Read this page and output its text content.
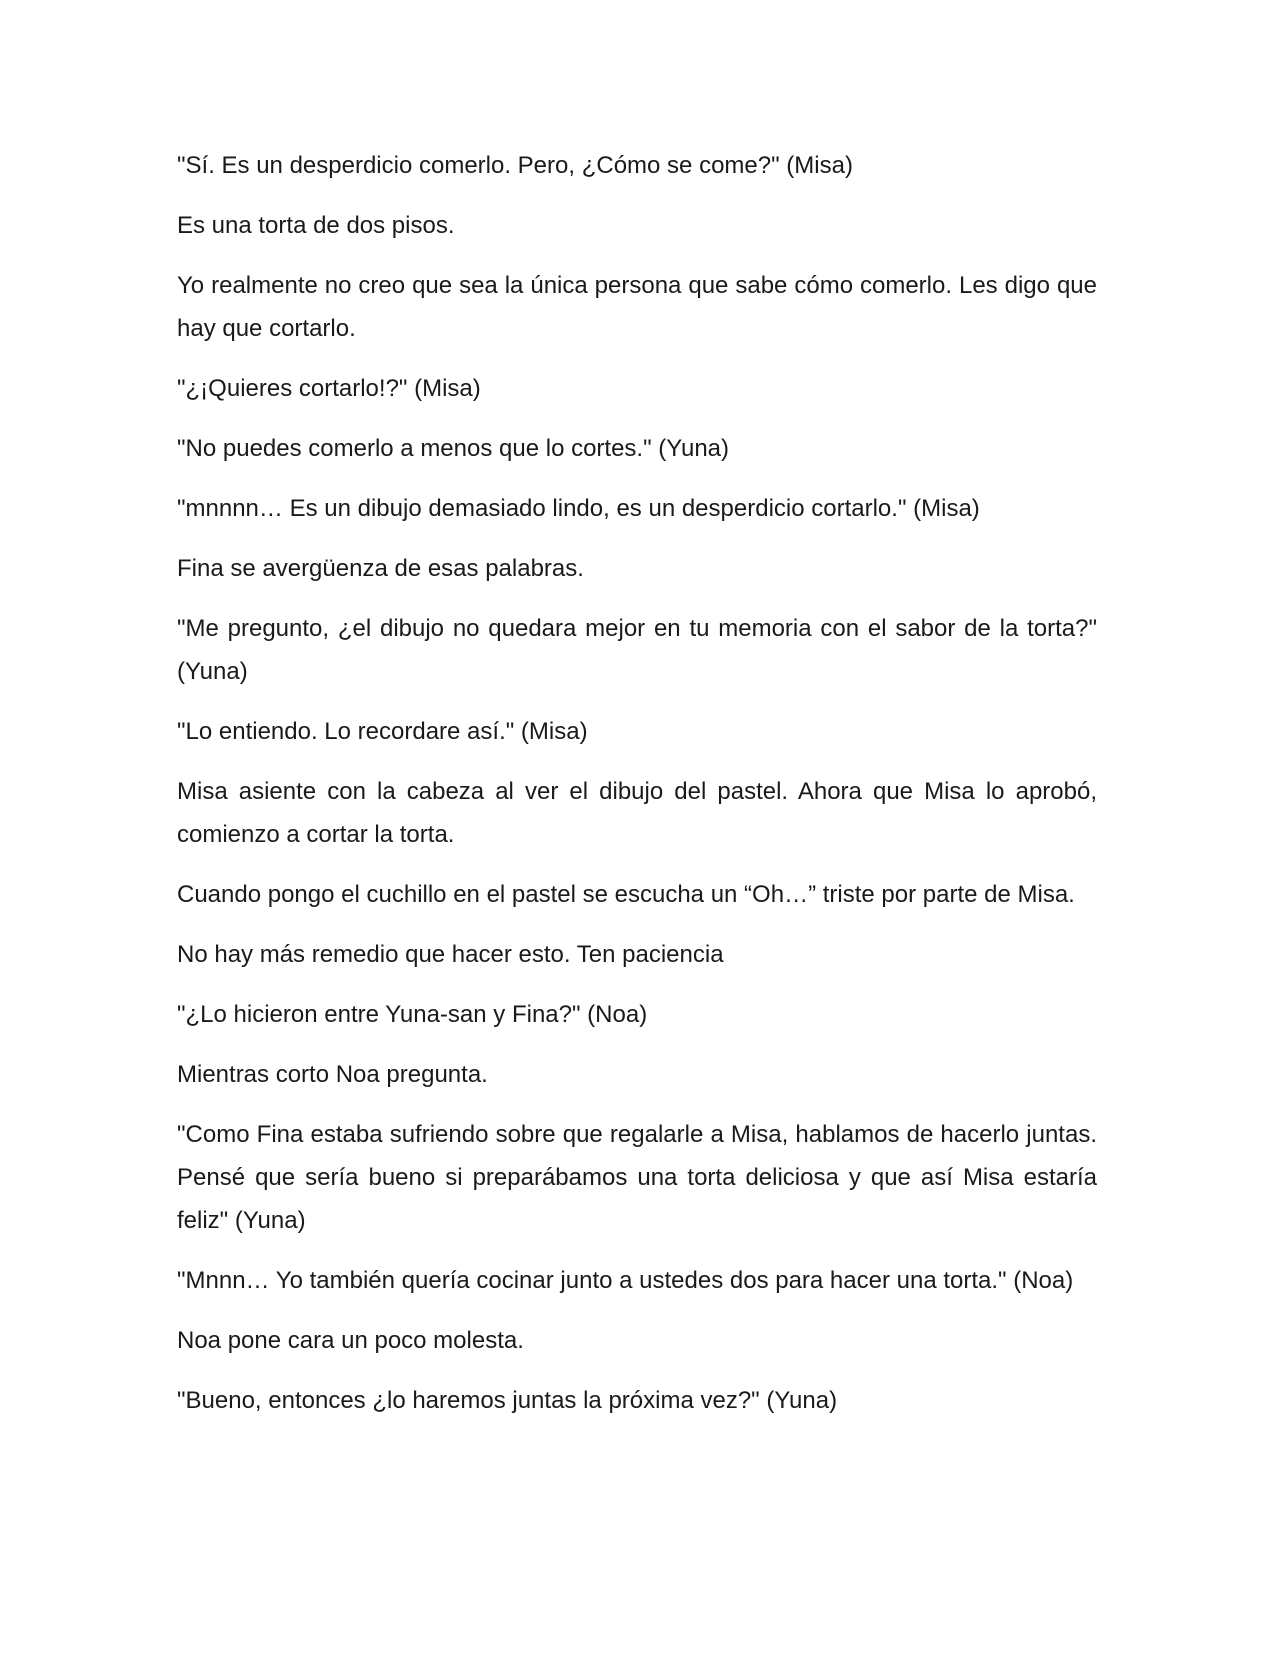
"Sí. Es un desperdicio comerlo. Pero, ¿Cómo se come?" (Misa)

Es una torta de dos pisos.

Yo realmente no creo que sea la única persona que sabe cómo comerlo. Les digo que hay que cortarlo.

"¿¡Quieres cortarlo!?" (Misa)

"No puedes comerlo a menos que lo cortes." (Yuna)

"mnnnn… Es un dibujo demasiado lindo, es un desperdicio cortarlo." (Misa)

Fina se avergüenza de esas palabras.

"Me pregunto, ¿el dibujo no quedara mejor en tu memoria con el sabor de la torta?" (Yuna)

"Lo entiendo. Lo recordare así." (Misa)

Misa asiente con la cabeza al ver el dibujo del pastel. Ahora que Misa lo aprobó, comienzo a cortar la torta.

Cuando pongo el cuchillo en el pastel se escucha un “Oh…” triste por parte de Misa.

No hay más remedio que hacer esto. Ten paciencia

"¿Lo hicieron entre Yuna-san y Fina?" (Noa)

Mientras corto Noa pregunta.

"Como Fina estaba sufriendo sobre que regalarle a Misa, hablamos de hacerlo juntas. Pensé que sería bueno si preparábamos una torta deliciosa y que así Misa estaría feliz" (Yuna)

"Mnnn… Yo también quería cocinar junto a ustedes dos para hacer una torta." (Noa)

Noa pone cara un poco molesta.

"Bueno, entonces ¿lo haremos juntas la próxima vez?" (Yuna)
